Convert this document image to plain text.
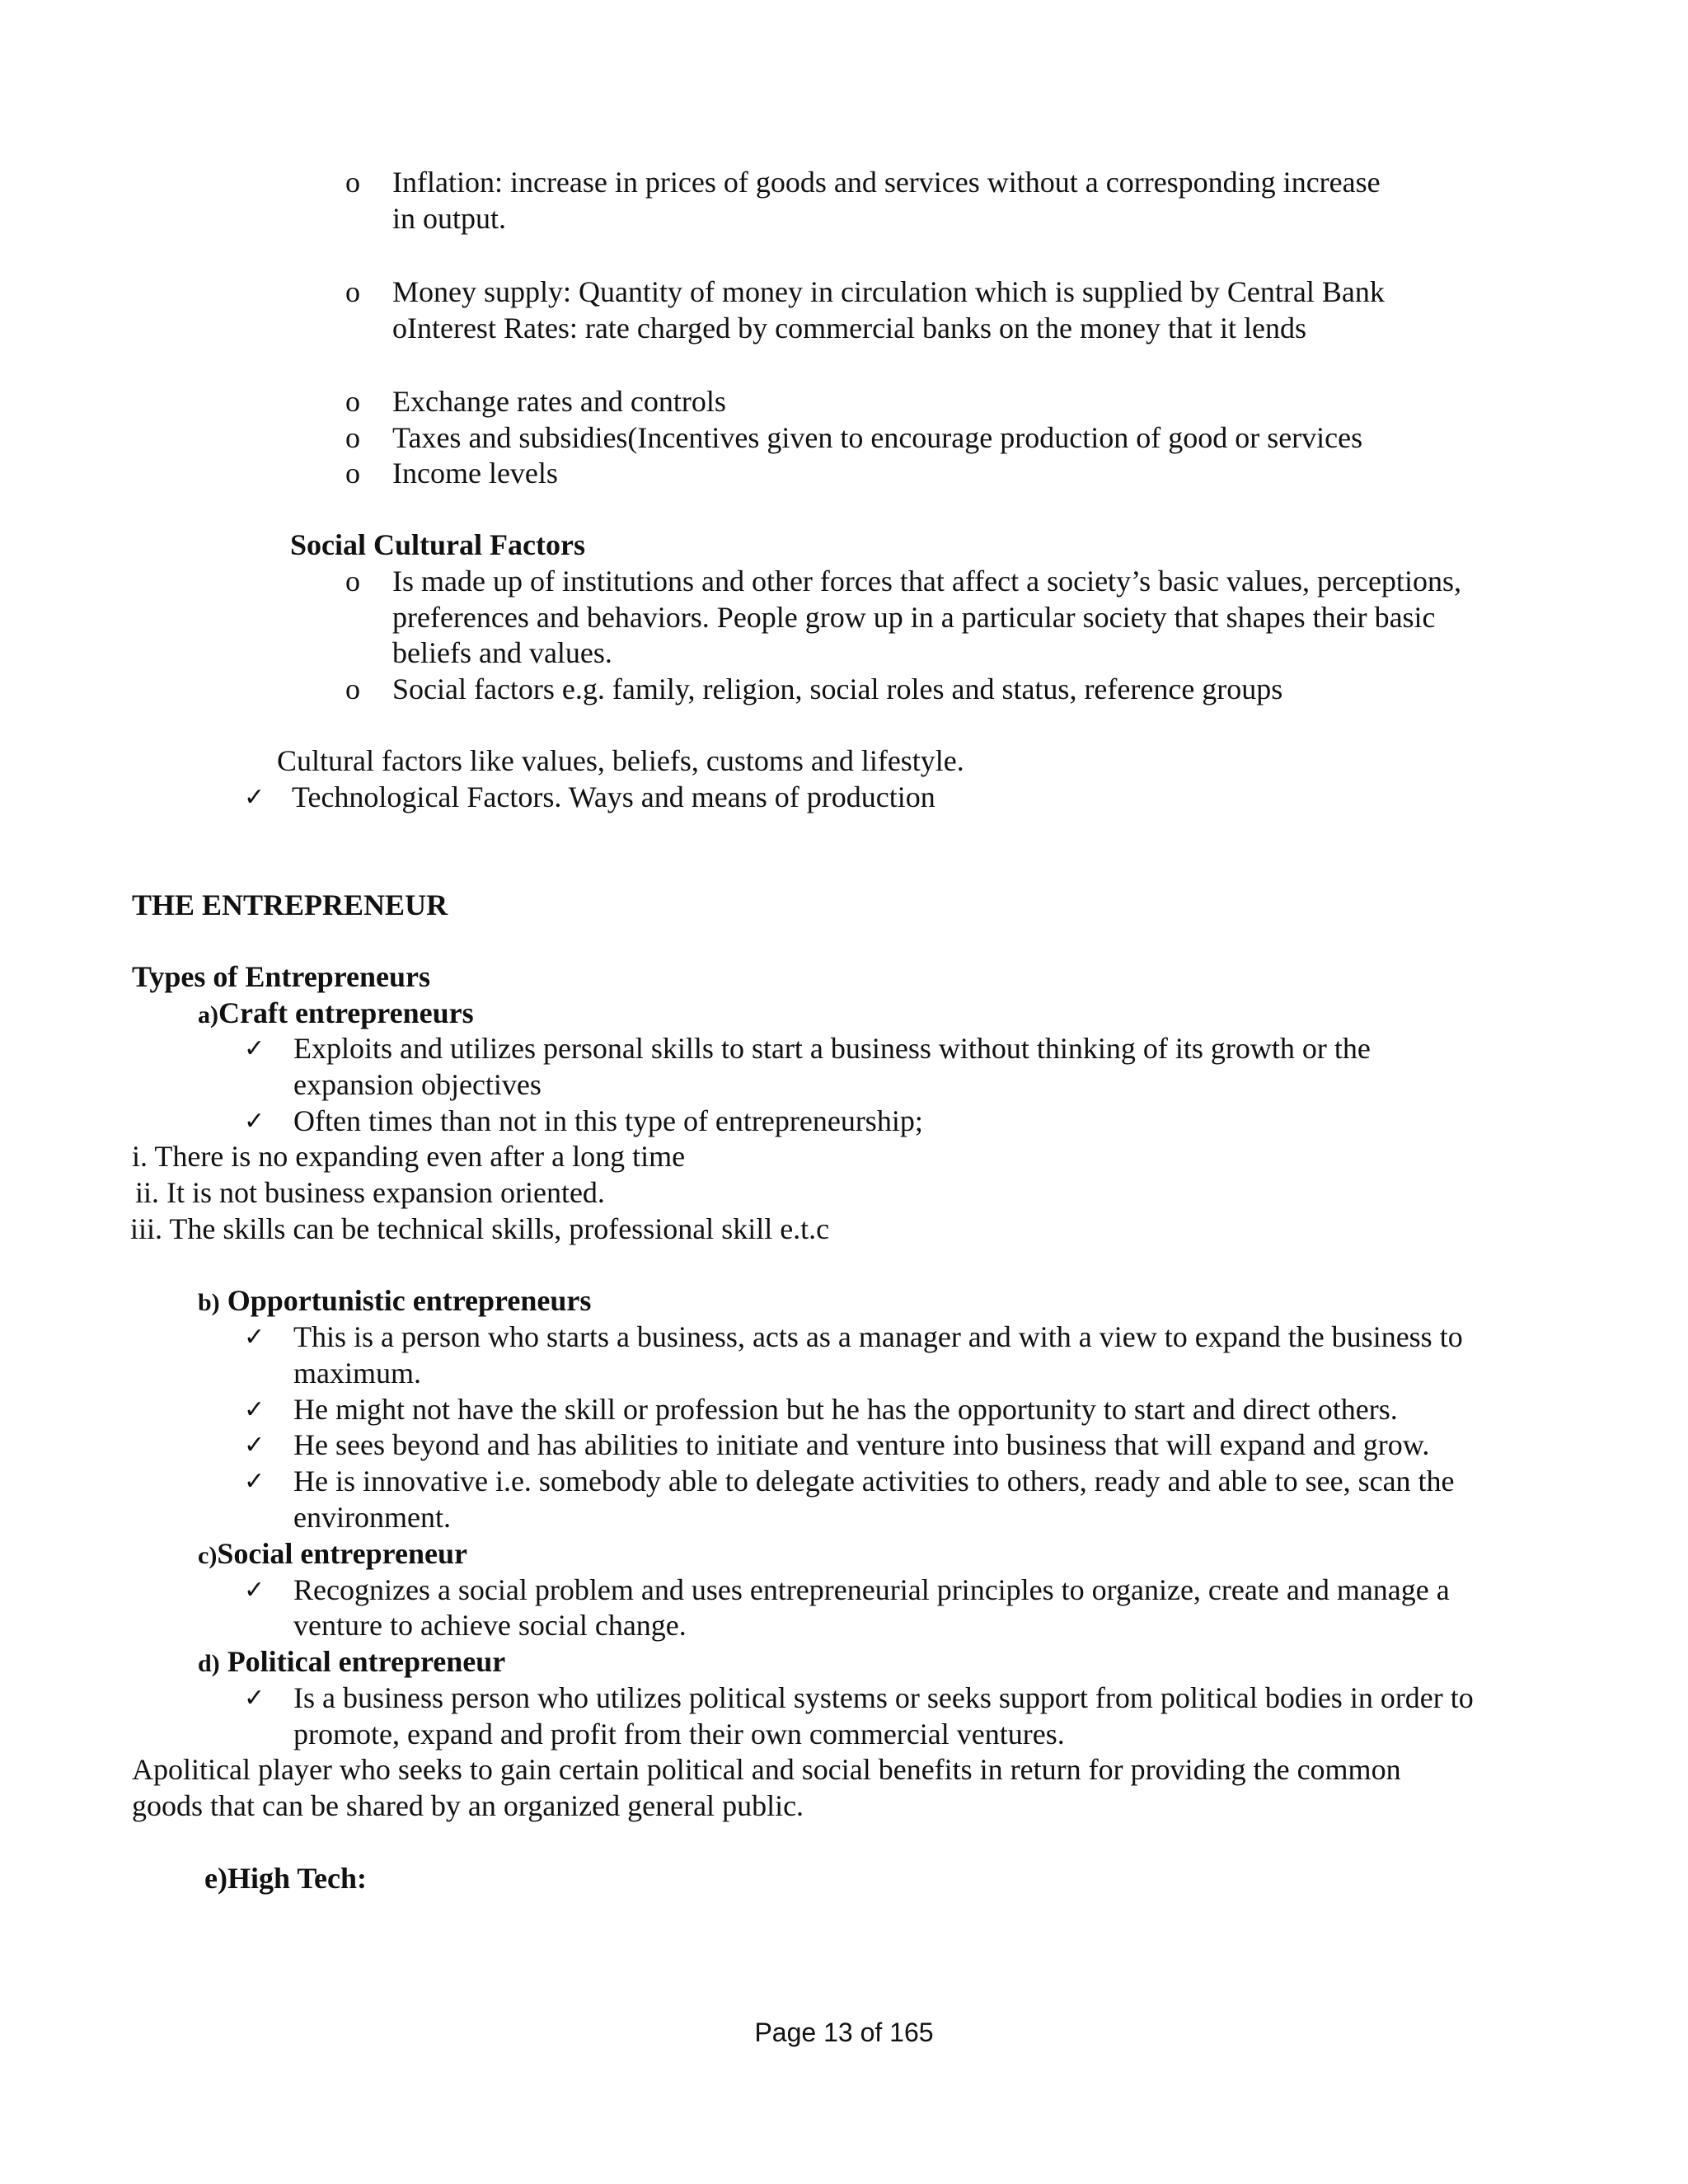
o	Inflation: increase in prices of goods and services without a corresponding increase
in output.
o	Money supply: Quantity of money in circulation which is supplied by Central Bank
oInterest Rates: rate charged by commercial banks on the money that it lends
o	Exchange rates and controls
o	Taxes and subsidies(Incentives given to encourage production of good or services
o	Income levels
Social Cultural Factors
o	Is made up of institutions and other forces that affect a society’s basic values, perceptions,
preferences and behaviors. People grow up in a particular society that shapes their basic
beliefs and values.
o	Social factors e.g. family, religion, social roles and status, reference groups
Cultural factors like values, beliefs, customs and lifestyle.
✓ Technological Factors. Ways and means of production
THE ENTREPRENEUR
Types of Entrepreneurs
a)Craft entrepreneurs
✓ Exploits and utilizes personal skills to start a business without thinking of its growth or the
expansion objectives
✓ Often times than not in this type of entrepreneurship;
i. There is no expanding even after a long time
ii. It is not business expansion oriented.
iii. The skills can be technical skills, professional skill e.t.c
b) Opportunistic entrepreneurs
✓ This is a person who starts a business, acts as a manager and with a view to expand the business to
maximum.
✓ He might not have the skill or profession but he has the opportunity to start and direct others.
✓ He sees beyond and has abilities to initiate and venture into business that will expand and grow.
✓ He is innovative i.e. somebody able to delegate activities to others, ready and able to see, scan the
environment.
c)Social entrepreneur
✓ Recognizes a social problem and uses entrepreneurial principles to organize, create and manage a
venture to achieve social change.
d) Political entrepreneur
✓ Is a business person who utilizes political systems or seeks support from political bodies in order to
promote, expand and profit from their own commercial ventures.
Apolitical player who seeks to gain certain political and social benefits in return for providing the common
goods that can be shared by an organized general public.
e)High Tech:
Page 13 of 165
